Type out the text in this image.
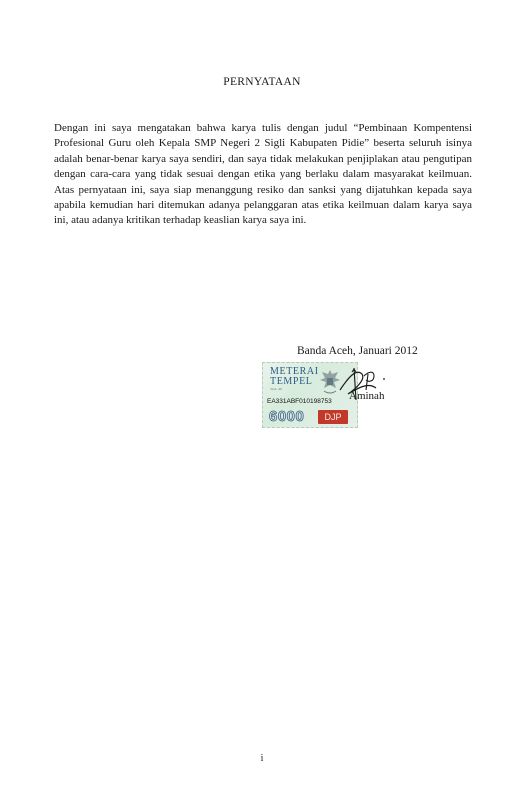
PERNYATAAN
Dengan ini saya mengatakan bahwa karya tulis dengan judul “Pembinaan Kompentensi Profesional Guru oleh Kepala SMP Negeri 2 Sigli Kabupaten Pidie” beserta seluruh isinya adalah benar-benar karya saya sendiri, dan saya tidak melakukan penjiplakan atau pengutipan dengan cara-cara yang tidak sesuai dengan etika yang berlaku dalam masyarakat keilmuan. Atas pernyataan ini, saya siap menanggung resiko dan sanksi yang dijatuhkan kepada saya apabila kemudian hari ditemukan adanya pelanggaran atas etika keilmuan dalam karya saya ini, atau adanya kritikan terhadap keaslian karya saya ini.
Banda Aceh, Januari 2012
METERAI TEMPEL
TGL. 20
EA331ABF010198753
6000	DJP
Aminah
i
